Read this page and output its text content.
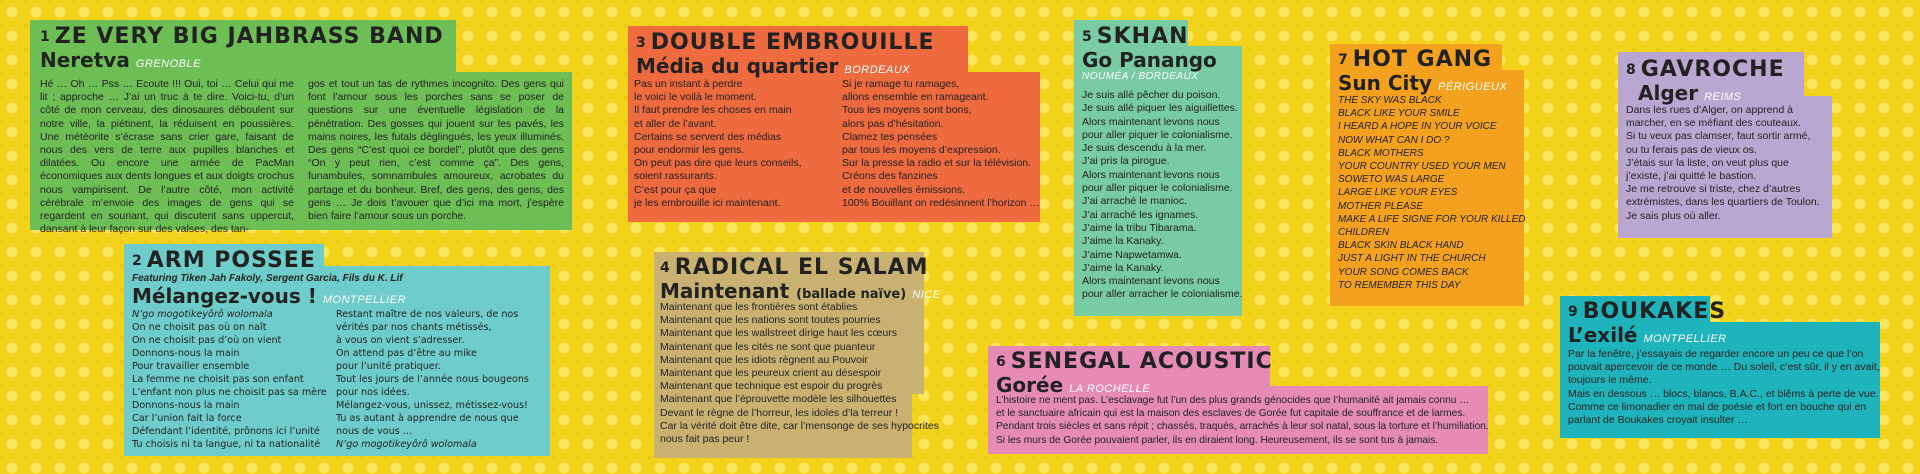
1 ZE VERY BIG JAHBRASS BAND
Neretva GRENOBLE
Hé … Oh … Pss … Ecoute !!! Oui, toi … Celui qui me lit ; approche … J’ai un truc à te dire. Voici-tu, d’un côté de mon cerveau, des dinosaures déboulent sur notre ville, la piétinent, la réduisent en poussières. Une météorite s’écrase sans crier gare, faisant de nous des vers de terre aux pupilles blanches et dilatées. Ou encore une armée de PacMan économiques aux dents longues et aux doigts crochus nous vampirisent. De l’autre côté, mon activité cérébrale m’envoie des images de gens qui se regardent en souriant, qui discutent sans uppercut, dansant à leur façon sur des valses, des tan-
gos et tout un tas de rythmes incognito. Des gens qui font l’amour sous les porches sans se poser de questions sur une éventuelle législation de la pénétration. Des gosses qui jouent sur les pavés, les mains noires, les futals déglingués, les yeux illuminés. Des gens “C’est quoi ce bordel”, plutôt que des gens “On y peut rien, c’est comme ça”. Des gens, funambules, somnambules amoureux, acrobates du partage et du bonheur. Bref, des gens, des gens, des gens … Je dois t’avouer que d’ici ma mort, j’espère bien faire l’amour sous un porche.
2 ARM POSSEE
Featuring Tiken Jah Fakoly, Sergent Garcia, Fils du K. Lif
Mélangez-vous ! MONTPELLIER
N’go mogotikeyôrô wolomala
On ne choisit pas où on naît
On ne choisit pas d’où on vient
Donnons-nous la main
Pour travailler ensemble
La femme ne choisit pas son enfant
L’enfant non plus ne choisit pas sa mère
Donnons-nous la main
Car l’union fait la force
Défendant l’identité, prônons ici l’unité
Tu choisis ni ta langue, ni ta nationalité
Restant maître de nos valeurs, de nos
vérités par nos chants métissés,
à vous on vient s’adresser.
On attend pas d’être au mike
pour l’unité pratiquer.
Tout les jours de l’année nous bougeons
pour nos idées.
Mélangez-vous, unissez, métissez-vous!
Tu as autant à apprendre de nous que
nous de vous …
N’go mogotikeyôrô wolomala
3 DOUBLE EMBROUILLE
Média du quartier BORDEAUX
Pas un instant à perdre
le voici le voilà le moment.
Il faut prendre les choses en main
et aller de l’avant.
Certains se servent des médias
pour endormir les gens.
On peut pas dire que leurs conseils,
soient rassurants.
C’est pour ça que
je les embrouille ici maintenant.
Si je ramage tu ramages,
allons ensemble en ramageant.
Tous les moyens sont bons,
alors pas d’hésitation.
Clamez tes pensées
par tous les moyens d’expression.
Sur la presse la radio et sur la télévision.
Créons des fanzines
et de nouvelles émissions.
100% Bouillant on redésinnent l’horizon …
4 RADICAL EL SALAM
Maintenant (ballade naïve) NICE
Maintenant que les frontières sont établies
Maintenant que les nations sont toutes pourries
Maintenant que les wallstreet dirige haut les cœurs
Maintenant que les cités ne sont que puanteur
Maintenant que les idiots règnent au Pouvoir
Maintenant que les peureux crient au désespoir
Maintenant que technique est espoir du progrès
Maintenant que l’éprouvette modèle les silhouettes
Devant le règne de l’horreur, les idoles d’la terreur !
Car la vérité doit être dite, car l’mensonge de ses hypocrites
nous fait pas peur !
5 SKHAN
Go Panango
NOUMÉA / BORDEAUX
Je suis allé pêcher du poison.
Je suis allé piquer les aiguillettes.
Alors maintenant levons nous
pour aller piquer le colonialisme.
Je suis descendu à la mer.
J’ai pris la pirogue.
Alors maintenant levons nous
pour aller piquer le colonialisme.
J’ai arraché le manioc.
J’ai arraché les ignames.
J’aime la tribu Tibarama.
J’aime la Kanaky.
J’aime Napwetamwa.
J’aime la Kanaky.
Alors maintenant levons nous
pour aller arracher le colonialisme.
6 SENEGAL ACOUSTIC
Gorée LA ROCHELLE
L’histoire ne ment pas. L’esclavage fut l’un des plus grands génocides que l’humanité ait jamais connu …
et le sanctuaire africain qui est la maison des esclaves de Gorée fut capitale de souffrance et de larmes.
Pendant trois siècles et sans répit ; chassés, traqués, arrachés à leur sol natal, sous la torture et l’humiliation.
Si les murs de Gorée pouvaient parler, ils en diraient long. Heureusement, ils se sont tus à jamais.
7 HOT GANG
Sun City PÉRIGUEUX
THE SKY WAS BLACK
BLACK LIKE YOUR SMILE
I HEARD A HOPE IN YOUR VOICE
NOW WHAT CAN I DO ?
BLACK MOTHERS
YOUR COUNTRY USED YOUR MEN
SOWETO WAS LARGE
LARGE LIKE YOUR EYES
MOTHER PLEASE
MAKE A LIFE SIGNE FOR YOUR KILLED
CHILDREN
BLACK SKIN BLACK HAND
JUST A LIGHT IN THE CHURCH
YOUR SONG COMES BACK
TO REMEMBER THIS DAY
8 GAVROCHE
Alger REIMS
Dans les rues d’Alger, on apprend à
marcher, en se méfiant des couteaux.
Si tu veux pas clamser, faut sortir armé,
ou tu ferais pas de vieux os.
J’étais sur la liste, on veut plus que
j’existe, j’ai quitté le bastion.
Je me retrouve si triste, chez d’autres
extrémistes, dans les quartiers de Toulon.
Je sais plus où aller.
9 BOUKAKES
L’exilé MONTPELLIER
Par la fenêtre, j’essayais de regarder encore un peu ce que l’on
pouvait apercevoir de ce monde … Du soleil, c’est sûr, il y en avait,
toujours le même.
Mais en dessous … blocs, blancs, B.A.C., et blêms à perte de vue.
Comme ce limonadier en mal de poésie et fort en bouche qui en
parlant de Boukakes croyait insulter …
